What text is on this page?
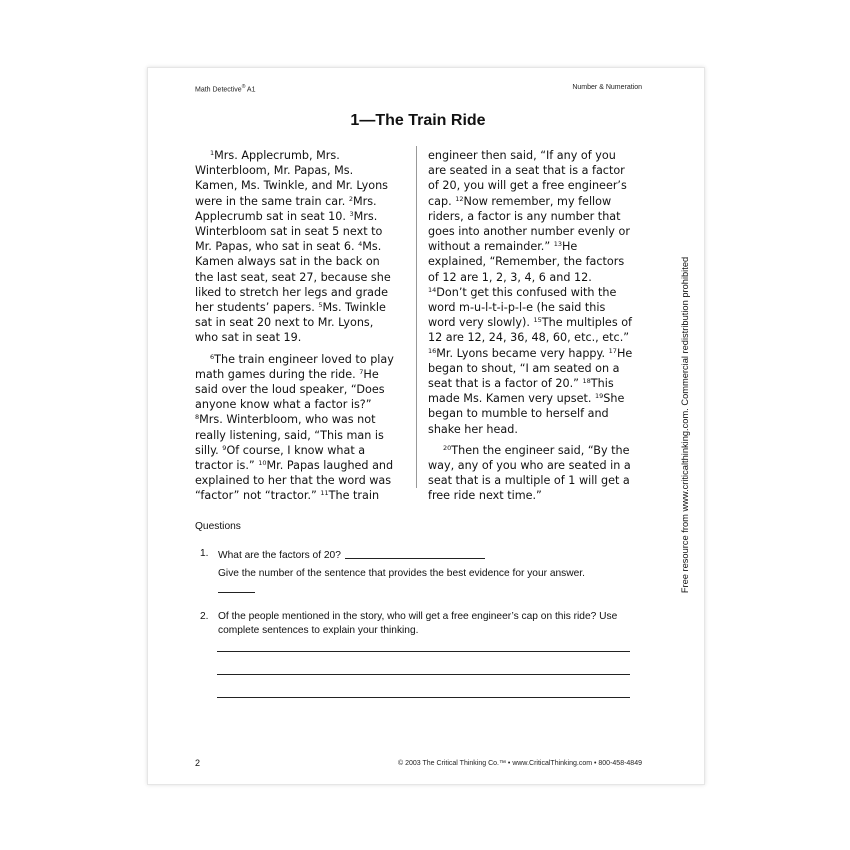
Math Detective® A1	Number & Numeration
1—The Train Ride

$^1$Mrs. Applecrumb, Mrs. Winterbloom, Mr. Papas, Ms. Kamen, Ms. Twinkle, and Mr. Lyons were in the same train car. $^2$Mrs. Applecrumb sat in seat 10. $^3$Mrs. Winterbloom sat in seat 5 next to Mr. Papas, who sat in seat 6. $^4$Ms. Kamen always sat in the back on the last seat, seat 27, because she liked to stretch her legs and grade her students’ papers. $^5$Ms. Twinkle sat in seat 20 next to Mr. Lyons, who sat in seat 19.

$^6$The train engineer loved to play math games during the ride. $^7$He said over the loud speaker, “Does anyone know what a factor is?” $^8$Mrs. Winterbloom, who was not really listening, said, “This man is silly. $^9$Of course, I know what a tractor is.” $^{10}$Mr. Papas laughed and explained to her that the word was “factor” not “tractor.” $^{11}$The train

engineer then said, “If any of you are seated in a seat that is a factor of 20, you will get a free engineer’s cap. $^{12}$Now remember, my fellow riders, a factor is any number that goes into another number evenly or without a remainder.” $^{13}$He explained, “Remember, the factors of 12 are 1, 2, 3, 4, 6 and 12. $^{14}$Don’t get this confused with the word m-u-l-t-i-p-l-e (he said this word very slowly). $^{15}$The multiples of 12 are 12, 24, 36, 48, 60, etc., etc.” $^{16}$Mr. Lyons became very happy. $^{17}$He began to shout, “I am seated on a seat that is a factor of 20.” $^{18}$This made Ms. Kamen very upset. $^{19}$She began to mumble to herself and shake her head.

$^{20}$Then the engineer said, “By the way, any of you who are seated in a seat that is a multiple of 1 will get a free ride next time.”

Questions
1. What are the factors of 20?
Give the number of the sentence that provides the best evidence for your answer.
2. Of the people mentioned in the story, who will get a free engineer’s cap on this ride? Use complete sentences to explain your thinking.
2	© 2003 The Critical Thinking Co.™ • www.CriticalThinking.com • 800-458-4849
Free resource from www.criticalthinking.com. Commercial redistribution prohibited
